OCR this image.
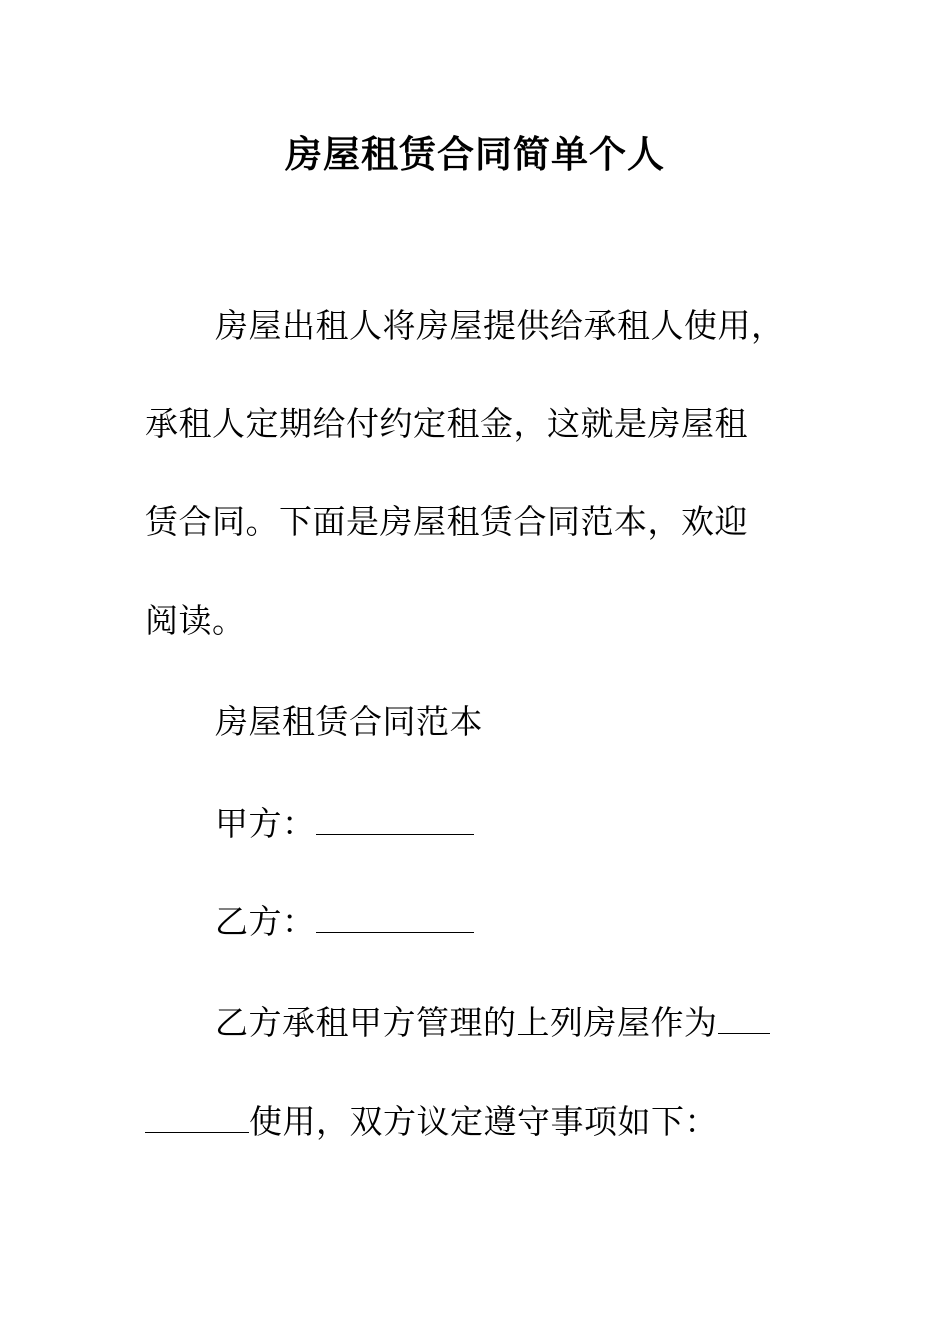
房屋租赁合同简单个人
房屋出租人将房屋提供给承租人使用，
承租人定期给付约定租金，这就是房屋租
赁合同。下面是房屋租赁合同范本，欢迎
阅读。
房屋租赁合同范本
甲方：
乙方：
乙方承租甲方管理的上列房屋作为
使用，双方议定遵守事项如下：
